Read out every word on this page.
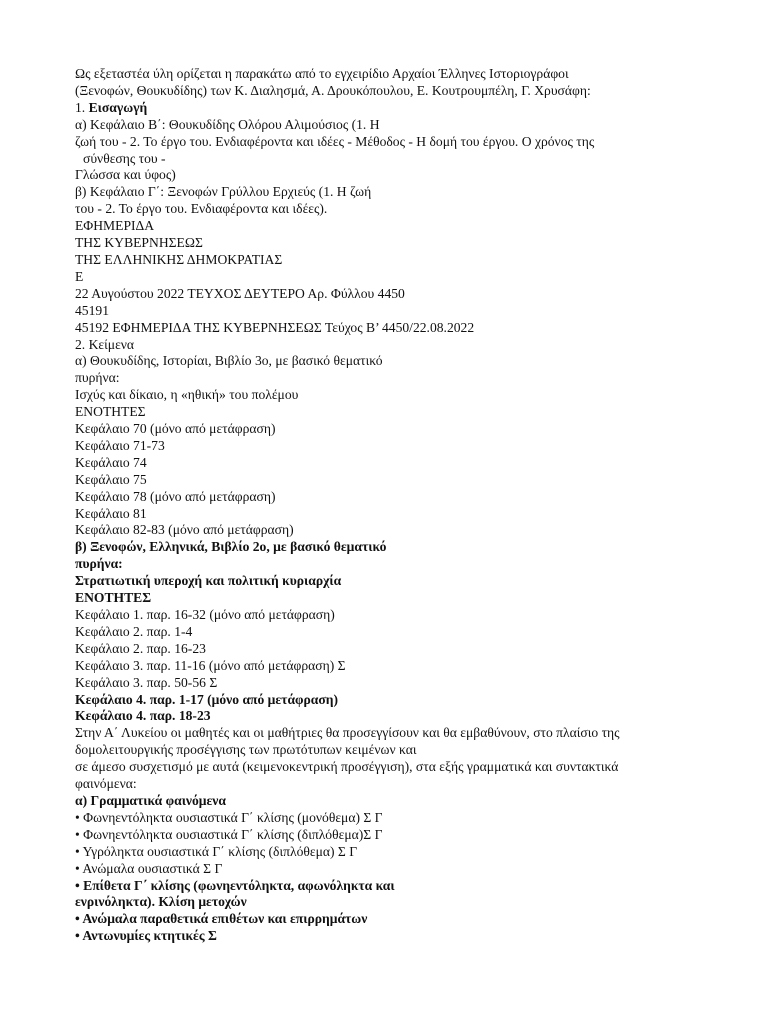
Ως εξεταστέα ύλη ορίζεται η παρακάτω από το εγχειρίδιο Αρχαίοι Έλληνες Ιστοριογράφοι
(Ξενοφών, Θουκυδίδης) των Κ. Διαλησμά, Α. Δρουκόπουλου, Ε. Κουτρουμπέλη, Γ. Χρυσάφη:
1. Εισαγωγή
α) Κεφάλαιο Β΄: Θουκυδίδης Ολόρου Αλιμούσιος (1. Η
ζωή του - 2. Το έργο του. Ενδιαφέροντα και ιδέες - Μέθοδος - Η δομή του έργου. Ο χρόνος της
σύνθεσης του -
Γλώσσα και ύφος)
β) Κεφάλαιο Γ΄: Ξενοφών Γρύλλου Ερχιεύς (1. Η ζωή
του - 2. Το έργο του. Ενδιαφέροντα και ιδέες).
ΕΦΗΜΕΡΙΔΑ
ΤΗΣ ΚΥΒΕΡΝΗΣΕΩΣ
ΤΗΣ ΕΛΛΗΝΙΚΗΣ ΔΗΜΟΚΡΑΤΙΑΣ
Ε
22 Αυγούστου 2022 ΤΕΥΧΟΣ ΔΕΥΤΕΡΟ Αρ. Φύλλου 4450
45191
45192 ΕΦΗΜΕΡΙΔΑ ΤΗΣ ΚΥΒΕΡΝΗΣΕΩΣ Τεύχος B’ 4450/22.08.2022
2. Κείμενα
α) Θουκυδίδης, Ιστορίαι, Βιβλίο 3ο, με βασικό θεματικό
πυρήνα:
Ισχύς και δίκαιο, η «ηθική» του πολέμου
ΕΝΟΤΗΤΕΣ
Κεφάλαιο 70 (μόνο από μετάφραση)
Κεφάλαιο 71-73
Κεφάλαιο 74
Κεφάλαιο 75
Κεφάλαιο 78 (μόνο από μετάφραση)
Κεφάλαιο 81
Κεφάλαιο 82-83 (μόνο από μετάφραση)
β) Ξενοφών, Ελληνικά, Βιβλίο 2ο, με βασικό θεματικό
πυρήνα:
Στρατιωτική υπεροχή και πολιτική κυριαρχία
ΕΝΟΤΗΤΕΣ
Κεφάλαιο 1. παρ. 16-32 (μόνο από μετάφραση)
Κεφάλαιο 2. παρ. 1-4
Κεφάλαιο 2. παρ. 16-23
Κεφάλαιο 3. παρ. 11-16 (μόνο από μετάφραση) Σ
Κεφάλαιο 3. παρ. 50-56 Σ
Κεφάλαιο 4. παρ. 1-17 (μόνο από μετάφραση)
Κεφάλαιο 4. παρ. 18-23
Στην Α΄ Λυκείου οι μαθητές και οι μαθήτριες θα προσεγγίσουν και θα εμβαθύνουν, στο πλαίσιο της
δομολειτουργικής προσέγγισης των πρωτότυπων κειμένων και
σε άμεσο συσχετισμό με αυτά (κειμενοκεντρική προσέγγιση), στα εξής γραμματικά και συντακτικά
φαινόμενα:
α) Γραμματικά φαινόμενα
• Φωνηεντόληκτα ουσιαστικά Γ΄ κλίσης (μονόθεμα) Σ Γ
• Φωνηεντόληκτα ουσιαστικά Γ΄ κλίσης (διπλόθεμα)Σ Γ
• Υγρόληκτα ουσιαστικά Γ΄ κλίσης (διπλόθεμα) Σ Γ
• Ανώμαλα ουσιαστικά Σ Γ
• Επίθετα Γ΄ κλίσης (φωνηεντόληκτα, αφωνόληκτα και
ενρινόληκτα). Κλίση μετοχών
• Ανώμαλα παραθετικά επιθέτων και επιρρημάτων
• Αντωνυμίες κτητικές Σ
